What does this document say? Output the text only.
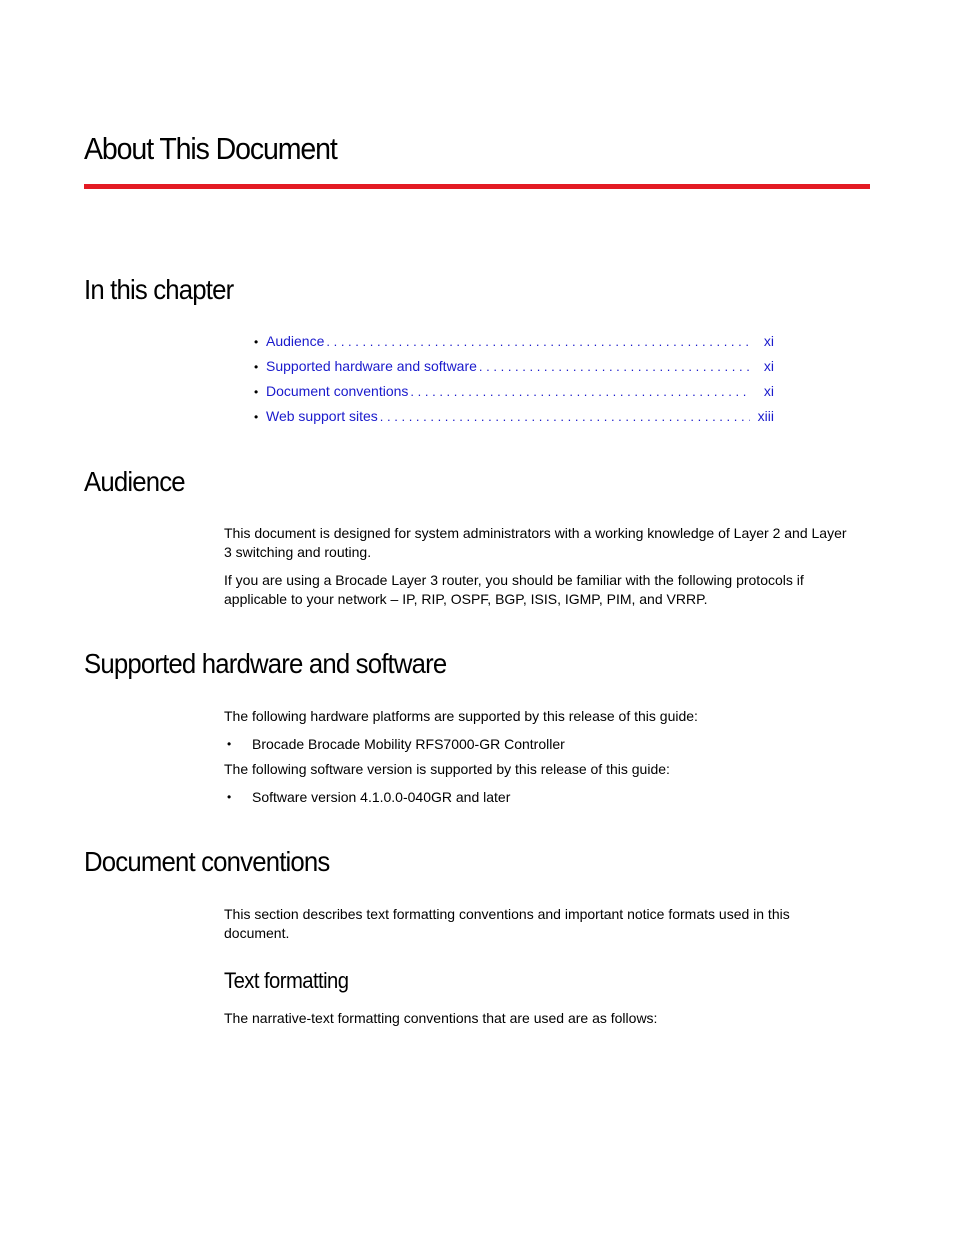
About This Document
In this chapter
• Audience . . .	xi
• Supported hardware and software . . .	xi
• Document conventions . . .	xi
• Web support sites . . .	xiii
Audience

This document is designed for system administrators with a working knowledge of Layer 2 and Layer 3 switching and routing.

If you are using a Brocade Layer 3 router, you should be familiar with the following protocols if applicable to your network – IP, RIP, OSPF, BGP, ISIS, IGMP, PIM, and VRRP.

Supported hardware and software

The following hardware platforms are supported by this release of this guide:

•	Brocade Brocade Mobility RFS7000-GR Controller

The following software version is supported by this release of this guide:

•	Software version 4.1.0.0-040GR and later
Document conventions

This section describes text formatting conventions and important notice formats used in this document.

Text formatting

The narrative-text formatting conventions that are used are as follows:
